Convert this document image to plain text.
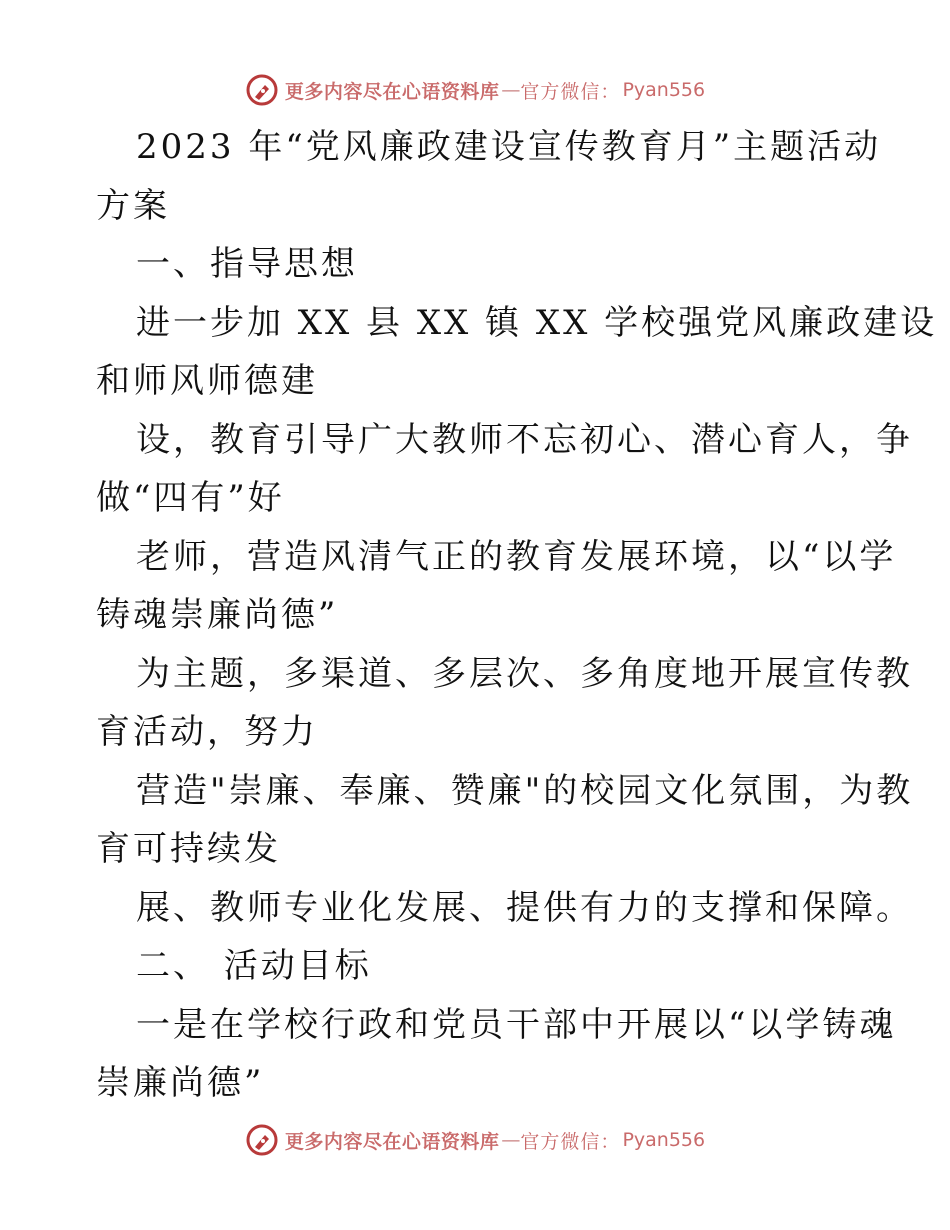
更多内容尽在心语资料库 — 官方微信： Pyan556
2023 年“党风廉政建设宣传教育月”主题活动
方案
一、指导思想
进一步加 XX 县 XX 镇 XX 学校强党风廉政建设
和师风师德建
设，教育引导广大教师不忘初心、潜心育人，争
做“四有”好
老师，营造风清气正的教育发展环境，以“以学
铸魂崇廉尚德”
为主题，多渠道、多层次、多角度地开展宣传教
育活动，努力
营造"崇廉、奉廉、赞廉"的校园文化氛围，为教
育可持续发
展、教师专业化发展、提供有力的支撑和保障。
二、 活动目标
一是在学校行政和党员干部中开展以“以学铸魂
崇廉尚德”
更多内容尽在心语资料库 — 官方微信： Pyan556
